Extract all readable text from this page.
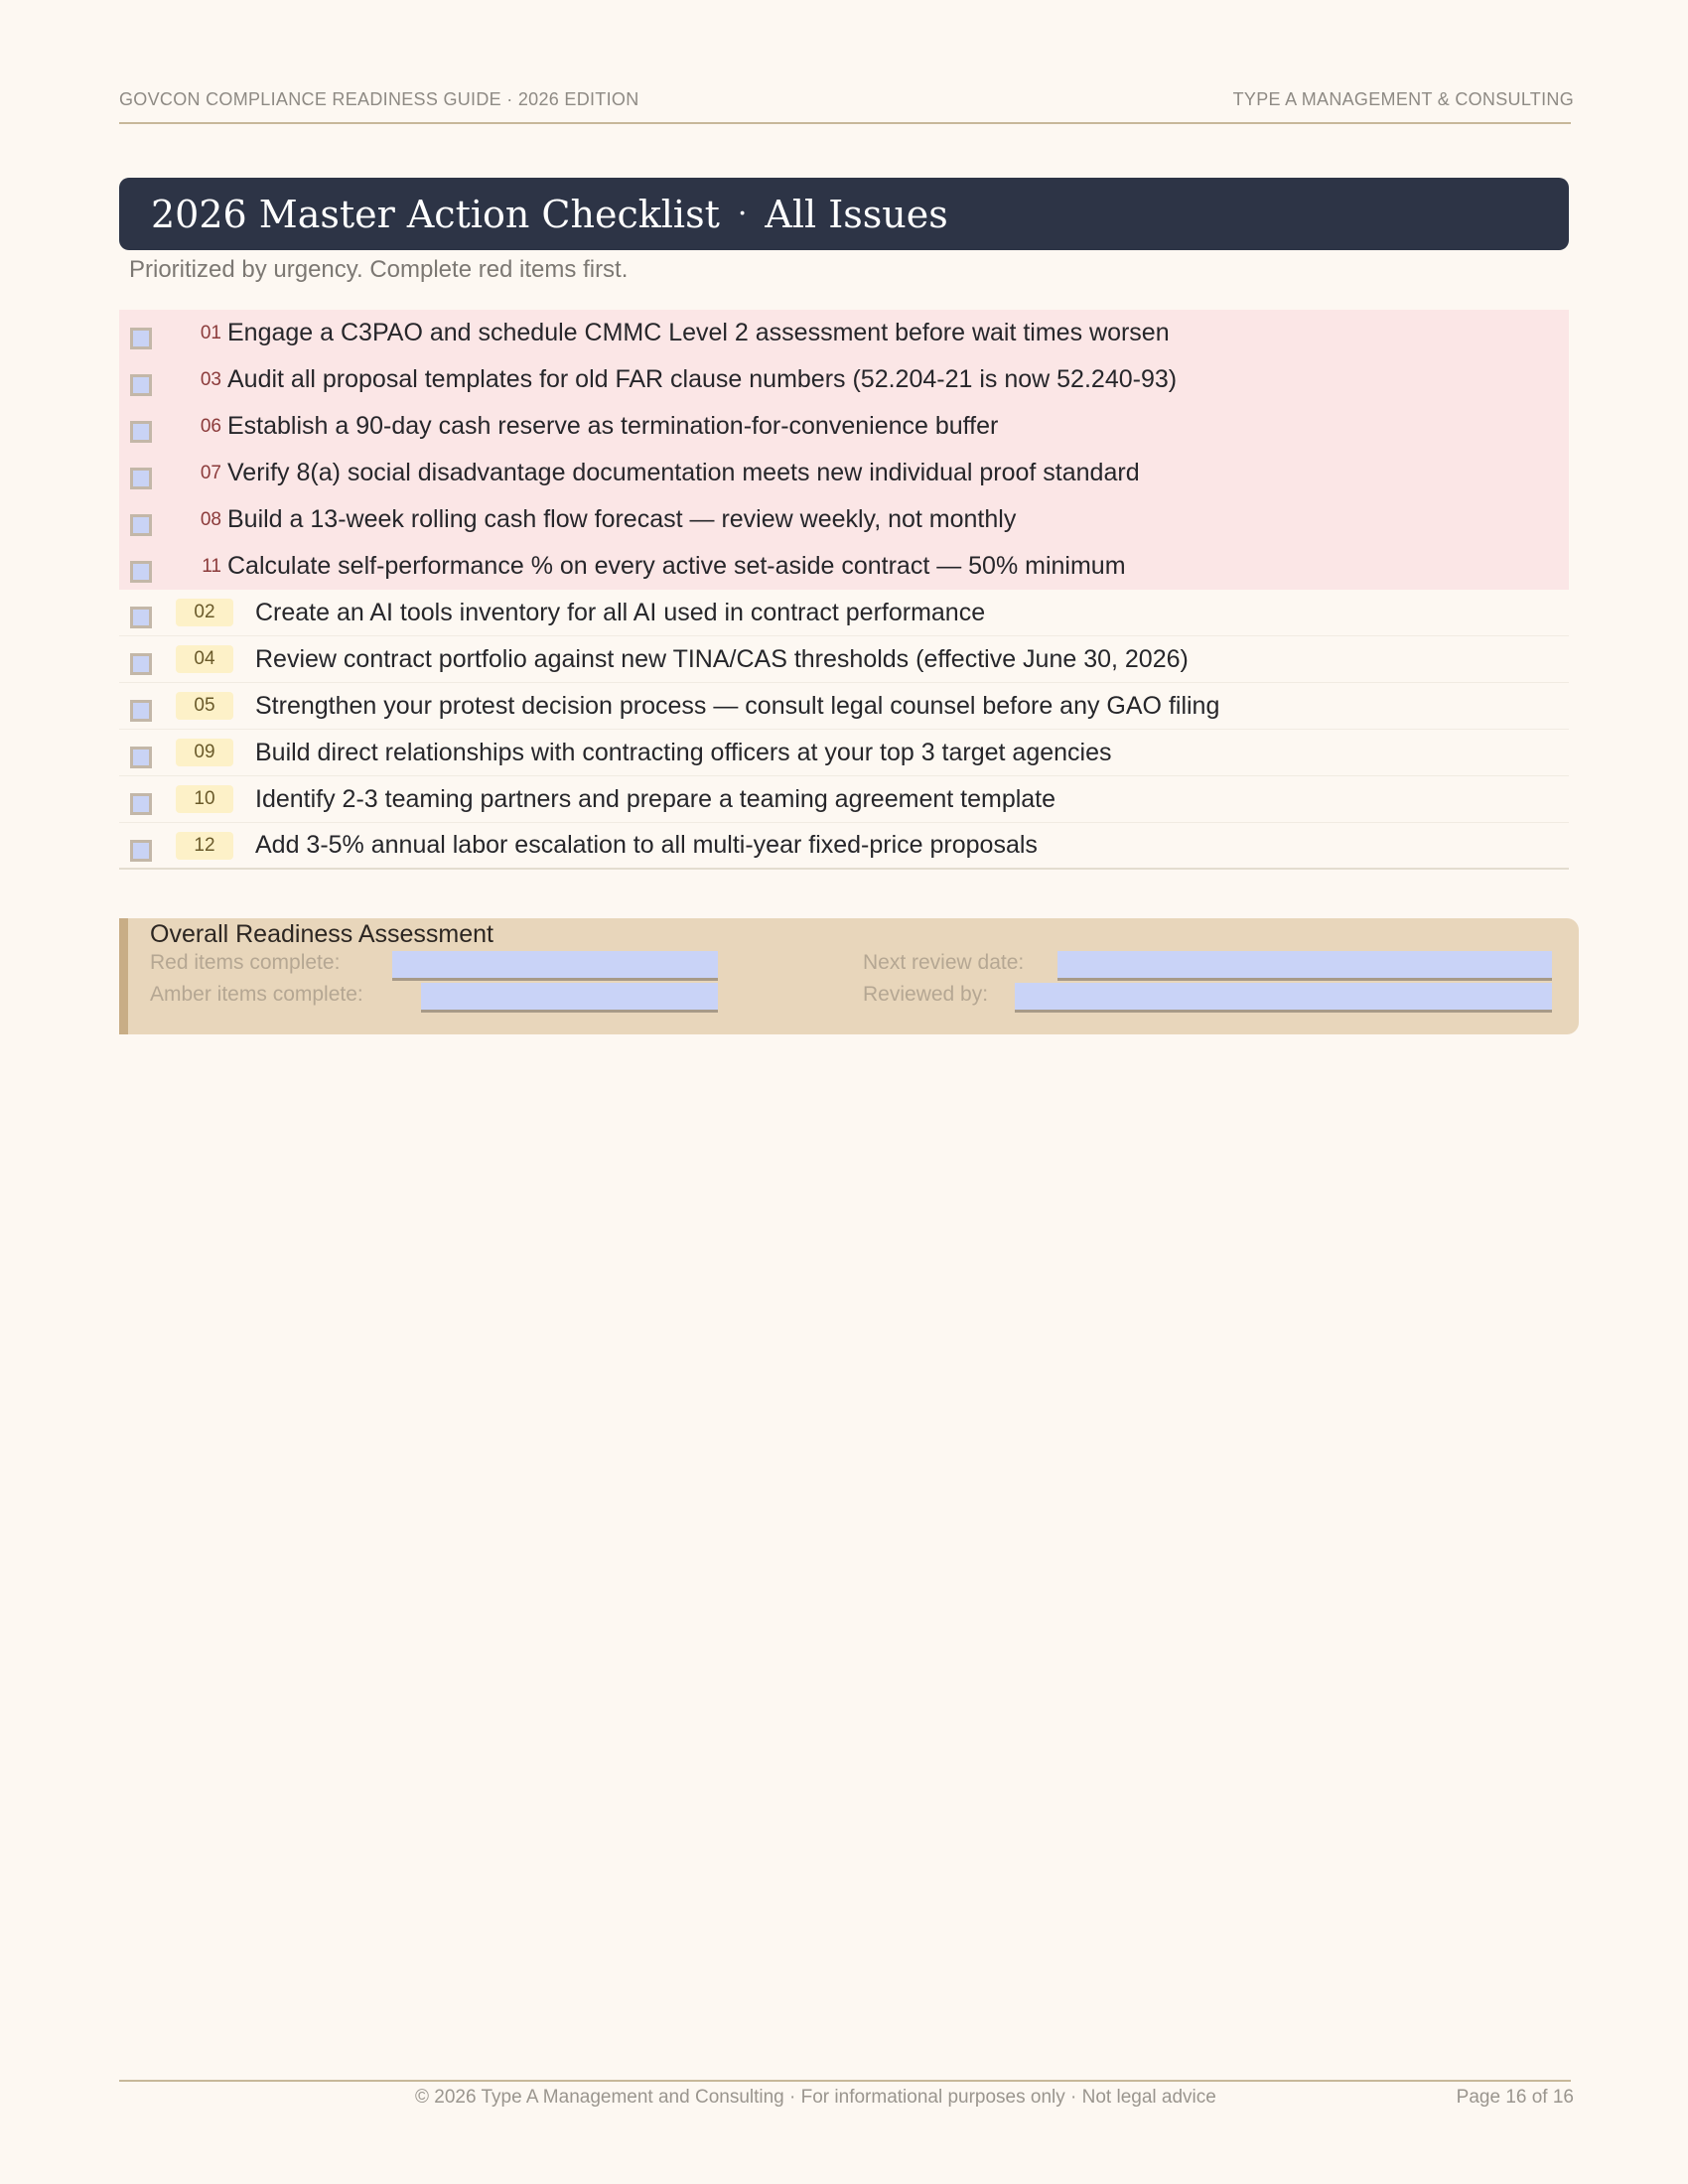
GOVCON COMPLIANCE READINESS GUIDE · 2026 EDITION	TYPE A MANAGEMENT & CONSULTING
2026 Master Action Checklist · All Issues
Prioritized by urgency. Complete red items first.
01 Engage a C3PAO and schedule CMMC Level 2 assessment before wait times worsen
03 Audit all proposal templates for old FAR clause numbers (52.204-21 is now 52.240-93)
06 Establish a 90-day cash reserve as termination-for-convenience buffer
07 Verify 8(a) social disadvantage documentation meets new individual proof standard
08 Build a 13-week rolling cash flow forecast — review weekly, not monthly
11 Calculate self-performance % on every active set-aside contract — 50% minimum
02	Create an AI tools inventory for all AI used in contract performance
04	Review contract portfolio against new TINA/CAS thresholds (effective June 30, 2026)
05	Strengthen your protest decision process — consult legal counsel before any GAO filing
09	Build direct relationships with contracting officers at your top 3 target agencies
10	Identify 2-3 teaming partners and prepare a teaming agreement template
12	Add 3-5% annual labor escalation to all multi-year fixed-price proposals
Overall Readiness Assessment
Red items complete:
Amber items complete:
Next review date:
Reviewed by:
© 2026 Type A Management and Consulting · For informational purposes only · Not legal advice	Page 16 of 16
